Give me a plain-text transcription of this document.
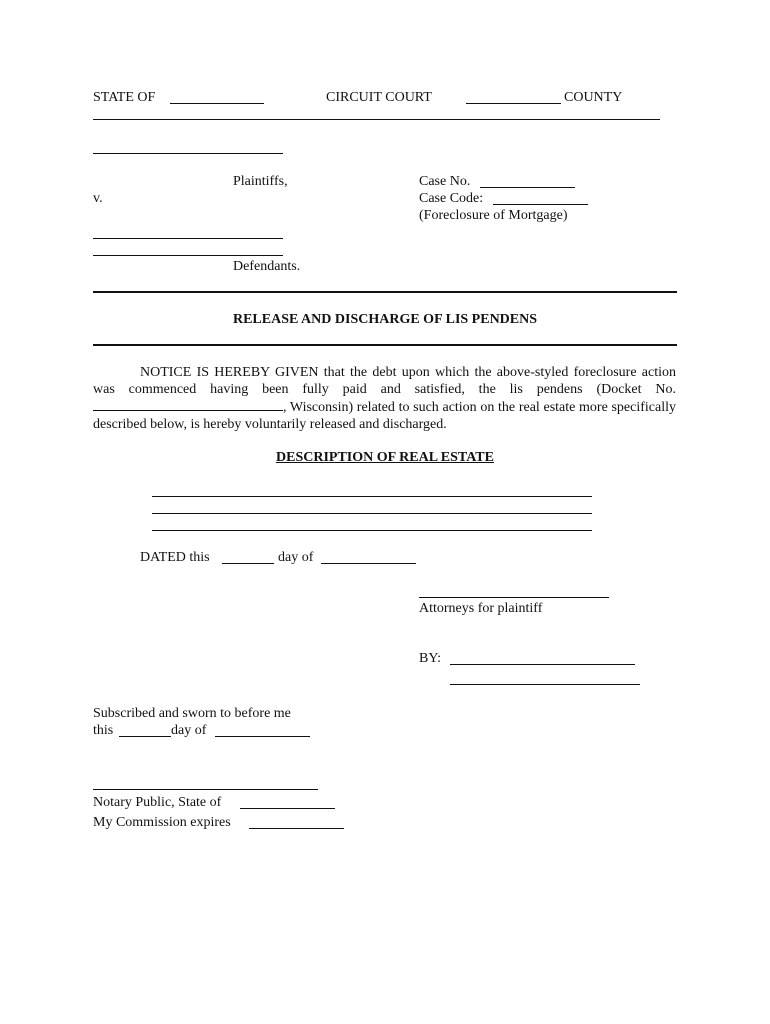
STATE OF	CIRCUIT COURT	COUNTY
Plaintiffs,
v.
Case No.
Case Code:
(Foreclosure of Mortgage)
Defendants.
RELEASE AND DISCHARGE OF LIS PENDENS
NOTICE IS HEREBY GIVEN that the debt upon which the above-styled foreclosure action was commenced having been fully paid and satisfied, the lis pendens (Docket No. , Wisconsin) related to such action on the real estate more specifically described below, is hereby voluntarily released and discharged.
DESCRIPTION OF REAL ESTATE
DATED this	day of
Attorneys for plaintiff
BY:
Subscribed and sworn to before me
this	day of
Notary Public, State of
My Commission expires
